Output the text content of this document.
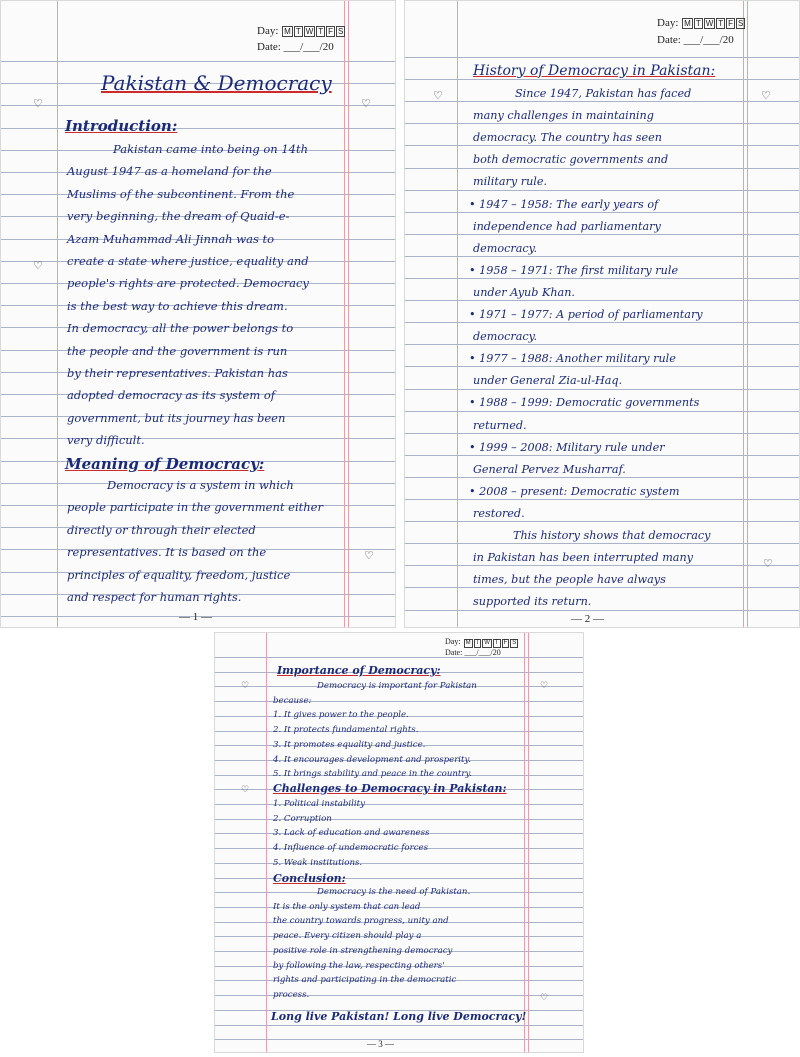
Day: M T W T F S
Date: ___/___/20
Pakistan & Democracy
Introduction:
Pakistan came into being on 14th
August 1947 as a homeland for the
Muslims of the subcontinent. From the
very beginning, the dream of Quaid-e-
Azam Muhammad Ali Jinnah was to
create a state where justice, equality and
people's rights are protected. Democracy
is the best way to achieve this dream.
In democracy, all the power belongs to
the people and the government is run
by their representatives. Pakistan has
adopted democracy as its system of
government, but its journey has been
very difficult.
Democracy is a system in which
people participate in the government either
directly or through their elected
representatives. It is based on the
principles of equality, freedom, justice
and respect for human rights.
Meaning of Democracy:
— 1 —
♡
♡
♡
♡
Day: M T W T F S
Date: ___/___/20
History of Democracy in Pakistan:
Since 1947, Pakistan has faced
many challenges in maintaining
democracy. The country has seen
both democratic governments and
military rule.
• 1947 – 1958: The early years of
independence had parliamentary
democracy.
• 1958 – 1971: The first military rule
under Ayub Khan.
• 1971 – 1977: A period of parliamentary
democracy.
• 1977 – 1988: Another military rule
under General Zia-ul-Haq.
• 1988 – 1999: Democratic governments
returned.
• 1999 – 2008: Military rule under
General Pervez Musharraf.
• 2008 – present: Democratic system
restored.
This history shows that democracy
in Pakistan has been interrupted many
times, but the people have always
supported its return.
— 2 —
♡	♡
♡
Day: M T W T F S
Date: ___/___/20
Importance of Democracy:
Challenges to Democracy in Pakistan:
Conclusion:
Democracy is important for Pakistan
because:
1. It gives power to the people.
2. It protects fundamental rights.
3. It promotes equality and justice.
4. It encourages development and prosperity.
5. It brings stability and peace in the country.
1. Political instability
2. Corruption
3. Lack of education and awareness
4. Influence of undemocratic forces
5. Weak institutions.
Democracy is the need of Pakistan.
It is the only system that can lead
the country towards progress, unity and
peace. Every citizen should play a
positive role in strengthening democracy
by following the law, respecting others'
rights and participating in the democratic
process.
Long live Pakistan! Long live Democracy!
— 3 —
♡
♡
♡
♡
